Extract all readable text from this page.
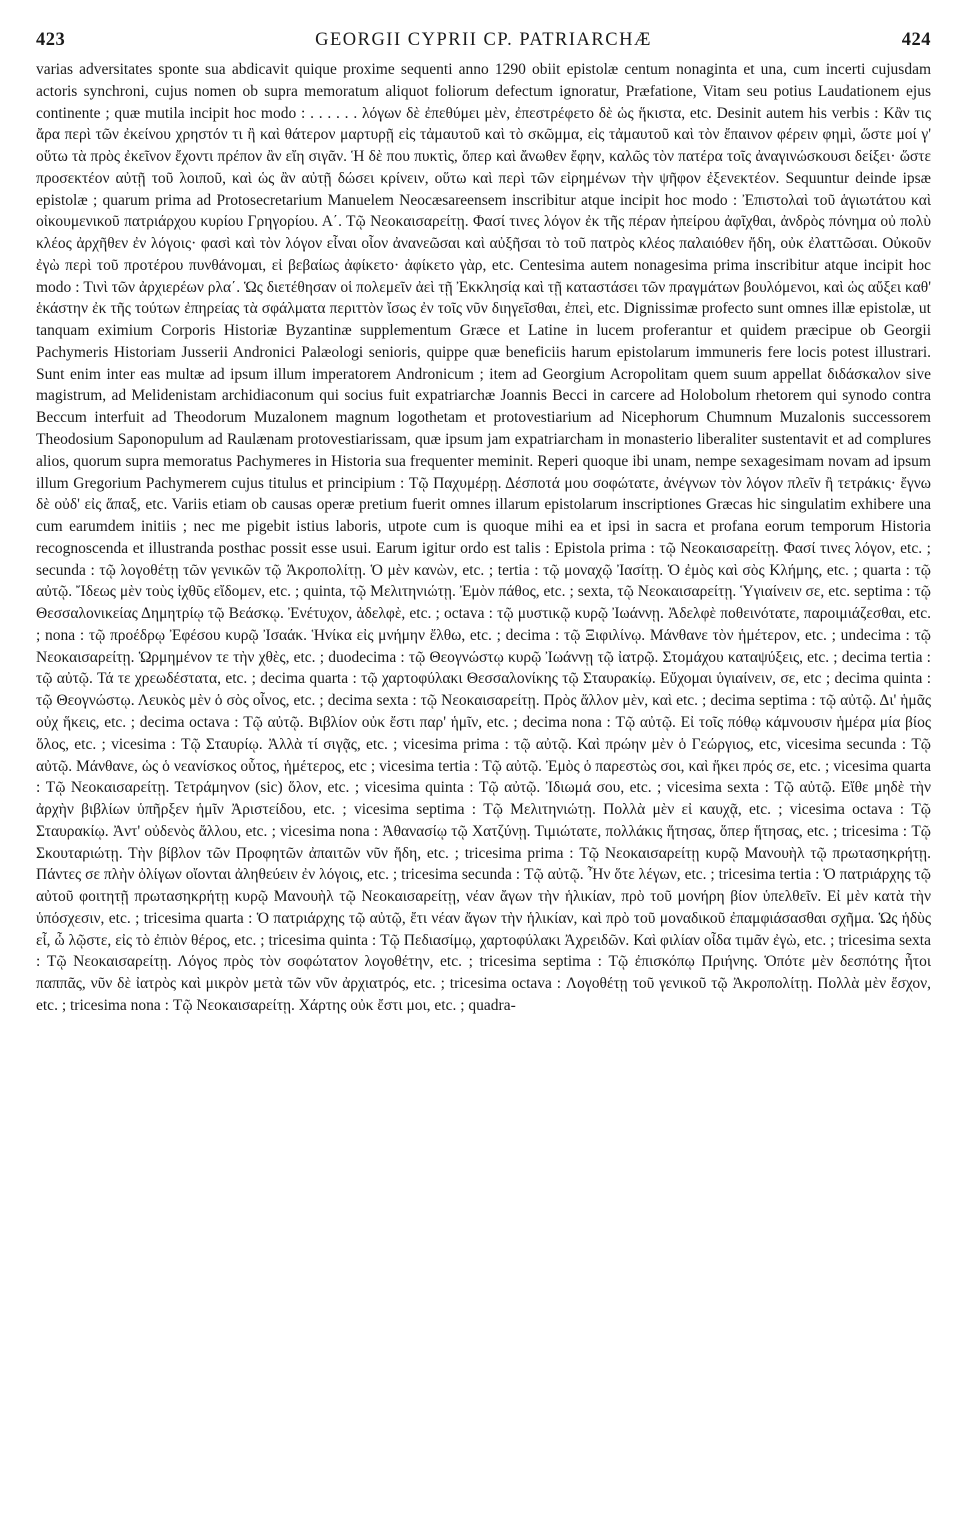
423	GEORGII CYPRII CP. PATRIARCHÆ	424

varias adversitates sponte sua abdicavit quique proxime sequenti anno 1290 obiit epistolæ centum nonaginta et una, cum incerti cujusdam actoris synchroni, cujus nomen ob supra memoratum aliquot foliorum defectum ignoratur, Præfatione, Vitam seu potius Laudationem ejus continente ; quæ mutila incipit hoc modo : . . . . . . λόγων δὲ ἐπεθύμει μὲν, ἐπεστρέφετο δὲ ὡς ἥκιστα, etc. Desinit autem his verbis : Κἂν τις ἄρα περὶ τῶν ἐκείνου χρηστόν τι ἢ καὶ θάτερον μαρτυρῇ εἰς τἀμαυτοῦ καὶ τὸ σκῶμμα, εἰς τἀμαυτοῦ καὶ τὸν ἔπαινον φέρειν φημὶ, ὥστε μοί γ' οὕτω τὰ πρὸς ἐκεῖνον ἔχοντι πρέπον ἂν εἴη σιγᾶν. Ἡ δὲ που πυκτὶς, ὅπερ καὶ ἄνωθεν ἔφην, καλῶς τὸν πατέρα τοῖς ἀναγινώσκουσι δείξει· ὥστε προσεκτέον αὐτῇ τοῦ λοιποῦ, καὶ ὡς ἂν αὐτῇ δώσει κρίνειν, οὕτω καὶ περὶ τῶν εἰρημένων τὴν ψῆφον ἐξενεκτέον. Sequuntur deinde ipsæ epistolæ ; quarum prima ad Protosecretarium Manuelem Neocæsareensem inscribitur atque incipit hoc modo : Ἐπιστολαὶ τοῦ ἁγιωτάτου καὶ οἰκουμενικοῦ πατριάρχου κυρίου Γρηγορίου. Α΄. Τῷ Νεοκαισαρείτῃ. Φασί τινες λόγον ἐκ τῆς πέραν ἠπείρου ἀφῖχθαι, ἀνδρὸς πόνημα οὐ πολὺ κλέος ἀρχῆθεν ἐν λόγοις· φασὶ καὶ τὸν λόγον εἶναι οἷον ἀνανεῶσαι καὶ αὐξῆσαι τὸ τοῦ πατρὸς κλέος παλαιόθεν ἤδη, οὐκ ἐλαττῶσαι. Οὐκοῦν ἐγὼ περὶ τοῦ προτέρου πυνθάνομαι, εἰ βεβαίως ἀφίκετο· ἀφίκετο γὰρ, etc. Centesima autem nonagesima prima inscribitur atque incipit hoc modo : Τινὶ τῶν ἀρχιερέων ρλα΄. Ὡς διετέθησαν οἱ πολεμεῖν ἀεὶ τῇ Ἐκκλησίᾳ καὶ τῇ καταστάσει τῶν πραγμάτων βουλόμενοι, καὶ ὡς αὔξει καθ' ἑκάστην ἐκ τῆς τούτων ἐπηρείας τὰ σφάλματα περιττὸν ἴσως ἐν τοῖς νῦν διηγεῖσθαι, ἐπεὶ, etc. Dignissimæ profecto sunt omnes illæ epistolæ, ut tanquam eximium Corporis Historiæ Byzantinæ supplementum Græce et Latine in lucem proferantur et quidem præcipue ob Georgii Pachymeris Historiam Jusserii Andronici Palæologi senioris, quippe quæ beneficiis harum epistolarum immuneris fere locis potest illustrari. Sunt enim inter eas multæ ad ipsum illum imperatorem Andronicum ; item ad Georgium Acropolitam quem suum appellat διδάσκαλον sive magistrum, ad Melidenistam archidiaconum qui socius fuit expatriarchæ Joannis Becci in carcere ad Holobolum rhetorem qui synodo contra Beccum interfuit ad Theodorum Muzalonem magnum logothetam et protovestiarium ad Nicephorum Chumnum Muzalonis successorem Theodosium Saponopulum ad Raulænam protovestiarissam, quæ ipsum jam expatriarcham in monasterio liberaliter sustentavit et ad complures alios, quorum supra memoratus Pachymeres in Historia sua frequenter meminit. Reperi quoque ibi unam, nempe sexagesimam novam ad ipsum illum Gregorium Pachymerem cujus titulus et principium : Τῷ Παχυμέρῃ. Δέσποτά μου σοφώτατε, ἀνέγνων τὸν λόγον πλεῖν ἢ τετράκις· ἔγνω δὲ οὐδ' εἰς ἅπαξ, etc. Variis etiam ob causas operæ pretium fuerit omnes illarum epistolarum inscriptiones Græcas hic singulatim exhibere una cum earumdem initiis ; nec me pigebit istius laboris, utpote cum is quoque mihi ea et ipsi in sacra et profana eorum temporum Historia recognoscenda et illustranda posthac possit esse usui. Earum igitur ordo est talis : Epistola prima : τῷ Νεοκαισαρείτῃ. Φασί τινες λόγον, etc. ; secunda : τῷ λογοθέτῃ τῶν γενικῶν τῷ Ἀκροπολίτῃ. Ὁ μὲν κανὼν, etc. ; tertia : τῷ μοναχῷ Ἰασίτῃ. Ὁ ἐμὸς καὶ σὸς Κλήμης, etc. ; quarta : τῷ αὐτῷ. Ἴδεως μὲν τοὺς ἰχθῦς εἴδομεν, etc. ; quinta, τῷ Μελιτηνιώτῃ. Ἐμὸν πάθος, etc. ; sexta, τῷ Νεοκαισαρείτῃ. Ὑγιαίνειν σε, etc. septima : τῷ Θεσσαλονικείας Δημητρίῳ τῷ Βεάσκῳ. Ἐνέτυχον, ἀδελφὲ, etc. ; octava : τῷ μυστικῷ κυρῷ Ἰωάννῃ. Ἀδελφὲ ποθεινότατε, παροιμιάζεσθαι, etc. ; nona : τῷ προέδρῳ Ἐφέσου κυρῷ Ἰσαάκ. Ἡνίκα εἰς μνήμην ἔλθω, etc. ; decima : τῷ Ξιφιλίνῳ. Μάνθανε τὸν ἡμέτερον, etc. ; undecima : τῷ Νεοκαισαρείτῃ. Ὡρμημένον τε τὴν χθὲς, etc. ; duodecima : τῷ Θεογνώστῳ κυρῷ Ἰωάννῃ τῷ ἰατρῷ. Στομάχου καταψύξεις, etc. ; decima tertia : τῷ αὐτῷ. Τά τε χρεωδέστατα, etc. ; decima quarta : τῷ χαρτοφύλακι Θεσσαλονίκης τῷ Σταυρακίῳ. Εὔχομαι ὑγιαίνειν, σε, etc ; decima quinta : τῷ Θεογνώστῳ. Λευκὸς μὲν ὁ σὸς οἶνος, etc. ; decima sexta : τῷ Νεοκαισαρείτῃ. Πρὸς ἄλλον μὲν, καὶ etc. ; decima septima : τῷ αὐτῷ. Δι' ἡμᾶς οὐχ ἥκεις, etc. ; decima octava : Τῷ αὐτῷ. Βιβλίον οὐκ ἔστι παρ' ἡμῖν, etc. ; decima nona : Τῷ αὐτῷ. Εἰ τοῖς πόθῳ κάμνουσιν ἡμέρα μία βίος ὅλος, etc. ; vicesima : Τῷ Σταυρίῳ. Ἀλλὰ τί σιγᾷς, etc. ; vicesima prima : τῷ αὐτῷ. Καὶ πρώην μὲν ὁ Γεώργιος, etc, vicesima secunda : Τῷ αὐτῷ. Μάνθανε, ὡς ὁ νεανίσκος οὗτος, ἡμέτερος, etc ; vicesima tertia : Τῷ αὐτῷ. Ἐμὸς ὁ παρεστὼς σοι, καὶ ἥκει πρός σε, etc. ; vicesima quarta : Τῷ Νεοκαισαρείτῃ. Τετράμηνον (sic) ὅλον, etc. ; vicesima quinta : Τῷ αὐτῷ. Ἰδιωμά σου, etc. ; vicesima sexta : Τῷ αὐτῷ. Εἴθε μηδὲ τὴν ἀρχὴν βιβλίων ὑπῆρξεν ἡμῖν Ἀριστείδου, etc. ; vicesima septima : Τῷ Μελιτηνιώτῃ. Πολλὰ μὲν εἰ καυχᾷ, etc. ; vicesima octava : Τῷ Σταυρακίῳ. Ἀντ' οὐδενὸς ἄλλου, etc. ; vicesima nona : Ἀθανασίῳ τῷ Χατζύνῃ. Τιμιώτατε, πολλάκις ἥτησας, ὅπερ ἥτησας, etc. ; tricesima : Τῷ Σκουταριώτῃ. Τὴν βίβλον τῶν Προφητῶν ἀπαιτῶν νῦν ἤδη, etc. ; tricesima prima : Τῷ Νεοκαισαρείτῃ κυρῷ Μανουὴλ τῷ πρωτασηκρήτῃ. Πάντες σε πλὴν ὀλίγων οἴονται ἀληθεύειν ἐν λόγοις, etc. ; tricesima secunda : Τῷ αὐτῷ. Ἦν ὅτε λέγων, etc. ; tricesima tertia : Ὁ πατριάρχης τῷ αὐτοῦ φοιτητῇ πρωτασηκρήτῃ κυρῷ Μανουὴλ τῷ Νεοκαισαρείτῃ, νέαν ἄγων τὴν ἡλικίαν, πρὸ τοῦ μονήρη βίον ὑπελθεῖν. Εἰ μὲν κατὰ τὴν ὑπόσχεσιν, etc. ; tricesima quarta : Ὁ πατριάρχης τῷ αὐτῷ, ἔτι νέαν ἄγων τὴν ἡλικίαν, καὶ πρὸ τοῦ μοναδικοῦ ἐπαμφιάσασθαι σχῆμα. Ὡς ἡδὺς εἶ, ὦ λῷστε, εἰς τὸ ἐπιὸν θέρος, etc. ; tricesima quinta : Τῷ Πεδιασίμῳ, χαρτοφύλακι Ἀχρειδῶν. Καὶ φιλίαν οἶδα τιμᾶν ἐγὼ, etc. ; tricesima sexta : Τῷ Νεοκαισαρείτῃ. Λόγος πρὸς τὸν σοφώτατον λογοθέτην, etc. ; tricesima septima : Τῷ ἐπισκόπῳ Πριήνης. Ὁπότε μὲν δεσπότης ἦτοι παππᾶς, νῦν δὲ ἰατρὸς καὶ μικρὸν μετὰ τῶν νῦν ἀρχιατρός, etc. ; tricesima octava : Λογοθέτῃ τοῦ γενικοῦ τῷ Ἀκροπολίτῃ. Πολλὰ μὲν ἔσχον, etc. ; tricesima nona : Τῷ Νεοκαισαρείτῃ. Χάρτης οὐκ ἔστι μοι, etc. ; quadra-
